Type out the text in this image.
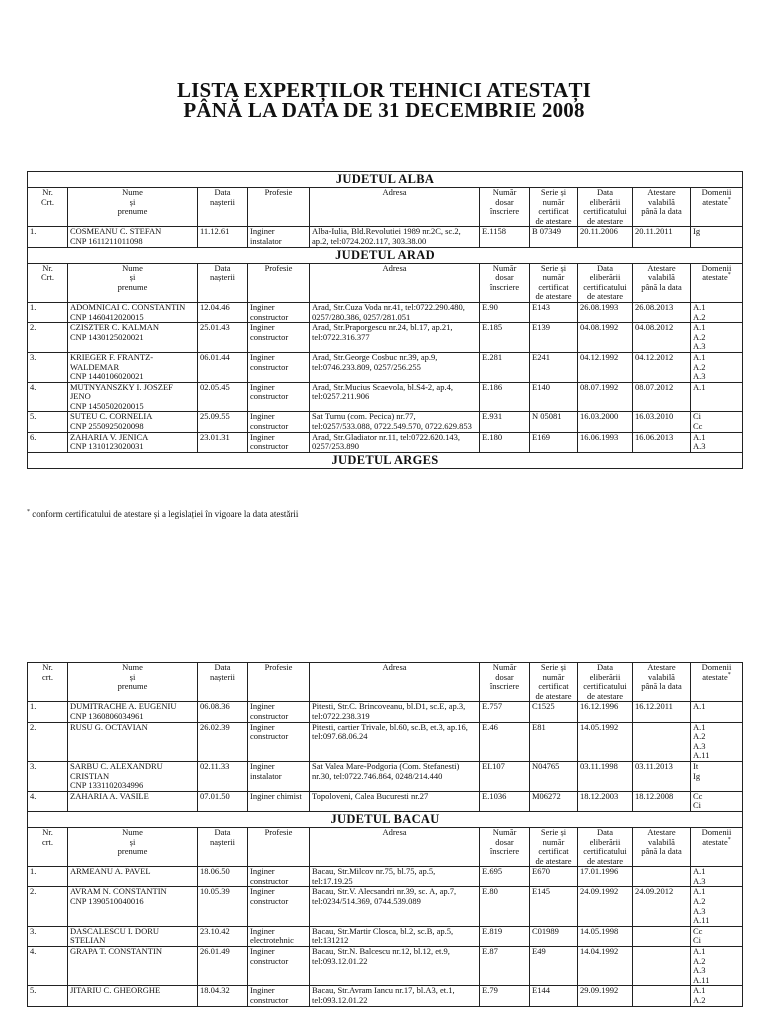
LISTA EXPERȚILOR TEHNICI ATESTAȚI
PÂNĂ LA DATA DE 31 DECEMBRIE 2008
JUDETUL ALBA									
Nr.
Crt.	Nume
și
prenume	Data
nașterii	Profesie	Adresa	Număr
dosar
înscriere	Serie și
număr
certificat
de atestare	Data
eliberării
certificatului
de atestare	Atestare
valabilă
până la data	Domenii
atestate*
1.	COSMEANU C. STEFAN
CNP 1611211011098	11.12.61	Inginer instalator	Alba-Iulia, Bld.Revolutiei 1989 nr.2C, sc.2, ap.2, tel:0724.202.117, 303.38.00	E.1158	B 07349	20.11.2006	20.11.2011	Ig
JUDETUL ARAD									
Nr.
Crt.	Nume
și
prenume	Data
nașterii	Profesie	Adresa	Număr
dosar
înscriere	Serie și
număr
certificat
de atestare	Data
eliberării
certificatului
de atestare	Atestare
valabilă
până la data	Domenii
atestate*
1.	ADOMNICAI C. CONSTANTIN
CNP 1460412020015	12.04.46	Inginer constructor	Arad, Str.Cuza Voda nr.41, tel:0722.290.480, 0257/280.386, 0257/281.051	E.90	E143	26.08.1993	26.08.2013	A.1
A.2
2.	CZISZTER C. KALMAN
CNP 1430125020021	25.01.43	Inginer constructor	Arad, Str.Praporgescu nr.24, bl.17, ap.21, tel:0722.316.377	E.185	E139	04.08.1992	04.08.2012	A.1
A.2
A.3
3.	KRIEGER F. FRANTZ-WALDEMAR
CNP 1440106020021	06.01.44	Inginer constructor	Arad, Str.George Cosbuc nr.39, ap.9, tel:0746.233.809, 0257/256.255	E.281	E241	04.12.1992	04.12.2012	A.1
A.2
A.3
4.	MUTNYANSZKY I. JOSZEF JENO
CNP 1450502020015	02.05.45	Inginer constructor	Arad, Str.Mucius Scaevola, bl.S4-2, ap.4, tel:0257.211.906	E.186	E140	08.07.1992	08.07.2012	A.1
5.	SUTEU C. CORNELIA
CNP 2550925020098	25.09.55	Inginer constructor	Sat Turnu (com. Pecica) nr.77, tel:0257/533.088, 0722.549.570, 0722.629.853	E.931	N 05081	16.03.2000	16.03.2010	Ci
Cc
6.	ZAHARIA V. JENICA
CNP 1310123020031	23.01.31	Inginer constructor	Arad, Str.Gladiator nr.11, tel:0722.620.143, 0257/253.890	E.180	E169	16.06.1993	16.06.2013	A.1
A.3
JUDETUL ARGES									
* conform certificatului de atestare și a legislației în vigoare la data atestării
Nr.
crt.	Nume
și
prenume	Data
nașterii	Profesie	Adresa	Număr
dosar
înscriere	Serie și
număr
certificat
de atestare	Data
eliberării
certificatului
de atestare	Atestare
valabilă
până la data	Domenii
atestate*
1.	DUMITRACHE A. EUGENIU
CNP 1360806034961	06.08.36	Inginer constructor	Pitesti, Str.C. Brincoveanu, bl.D1, sc.E, ap.3, tel:0722.238.319	E.757	C1525	16.12.1996	16.12.2011	A.1
2.	RUSU G. OCTAVIAN	26.02.39	Inginer constructor	Pitesti, cartier Trivale, bl.60, sc.B, et.3, ap.16, tel:097.68.06.24	E.46	E81	14.05.1992		A.1
A.2
A.3
A.11
3.	SARBU C. ALEXANDRU CRISTIAN
CNP 1331102034996	02.11.33	Inginer instalator	Sat Valea Mare-Podgoria (Com. Stefanesti) nr.30, tel:0722.746.864, 0248/214.440	EI.107	N04765	03.11.1998	03.11.2013	It
Ig
4.	ZAHARIA A. VASILE	07.01.50	Inginer chimist	Topoloveni, Calea Bucuresti nr.27	E.1036	M06272	18.12.2003	18.12.2008	Cc
Ci
JUDETUL BACAU									
Nr.
crt.	Nume
și
prenume	Data
nașterii	Profesie	Adresa	Număr
dosar
înscriere	Serie și
număr
certificat
de atestare	Data
eliberării
certificatului
de atestare	Atestare
valabilă
până la data	Domenii
atestate*
1.	ARMEANU A. PAVEL	18.06.50	Inginer constructor	Bacau, Str.Milcov nr.75, bl.75, ap.5, tel:17.19.25	E.695	E670	17.01.1996		A.1
A.3
2.	AVRAM N. CONSTANTIN
CNP 1390510040016	10.05.39	Inginer constructor	Bacau, Str.V. Alecsandri nr.39, sc. A, ap.7, tel:0234/514.369, 0744.539.089	E.80	E145	24.09.1992	24.09.2012	A.1
A.2
A.3
A.11
3.	DASCALESCU I. DORU STELIAN	23.10.42	Inginer electrotehnic	Bacau, Str.Martir Closca, bl.2, sc.B, ap.5, tel:131212	E.819	C01989	14.05.1998		Cc
Ci
4.	GRAPA T. CONSTANTIN	26.01.49	Inginer constructor	Bacau, Str.N. Balcescu nr.12, bl.12, et.9, tel:093.12.01.22	E.87	E49	14.04.1992		A.1
A.2
A.3
A.11
5.	JITARIU C. GHEORGHE	18.04.32	Inginer constructor	Bacau, Str.Avram Iancu nr.17, bl.A3, et.1, tel:093.12.01.22	E.79	E144	29.09.1992		A.1
A.2
